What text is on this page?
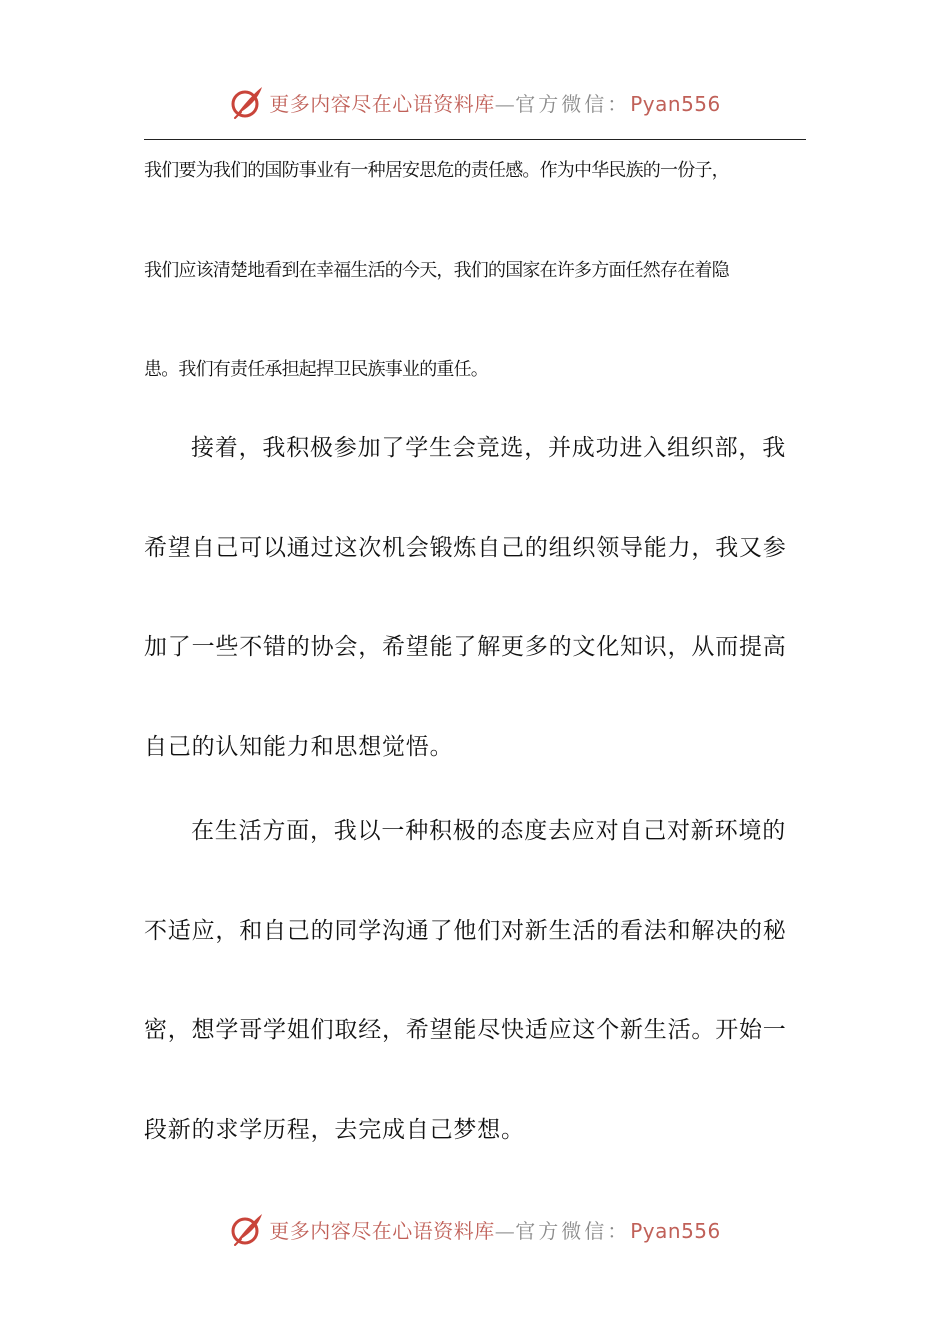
更多内容尽在心语资料库—官方微信：Pyan556
我们要为我们的国防事业有一种居安思危的责任感。作为中华民族的一份子，
我们应该清楚地看到在幸福生活的今天，我们的国家在许多方面任然存在着隐
患。我们有责任承担起捍卫民族事业的重任。
接着，我积极参加了学生会竞选，并成功进入组织部，我
希望自己可以通过这次机会锻炼自己的组织领导能力，我又参
加了一些不错的协会，希望能了解更多的文化知识，从而提高
自己的认知能力和思想觉悟。
在生活方面，我以一种积极的态度去应对自己对新环境的
不适应，和自己的同学沟通了他们对新生活的看法和解决的秘
密，想学哥学姐们取经，希望能尽快适应这个新生活。开始一
段新的求学历程，去完成自己梦想。
更多内容尽在心语资料库—官方微信：Pyan556
